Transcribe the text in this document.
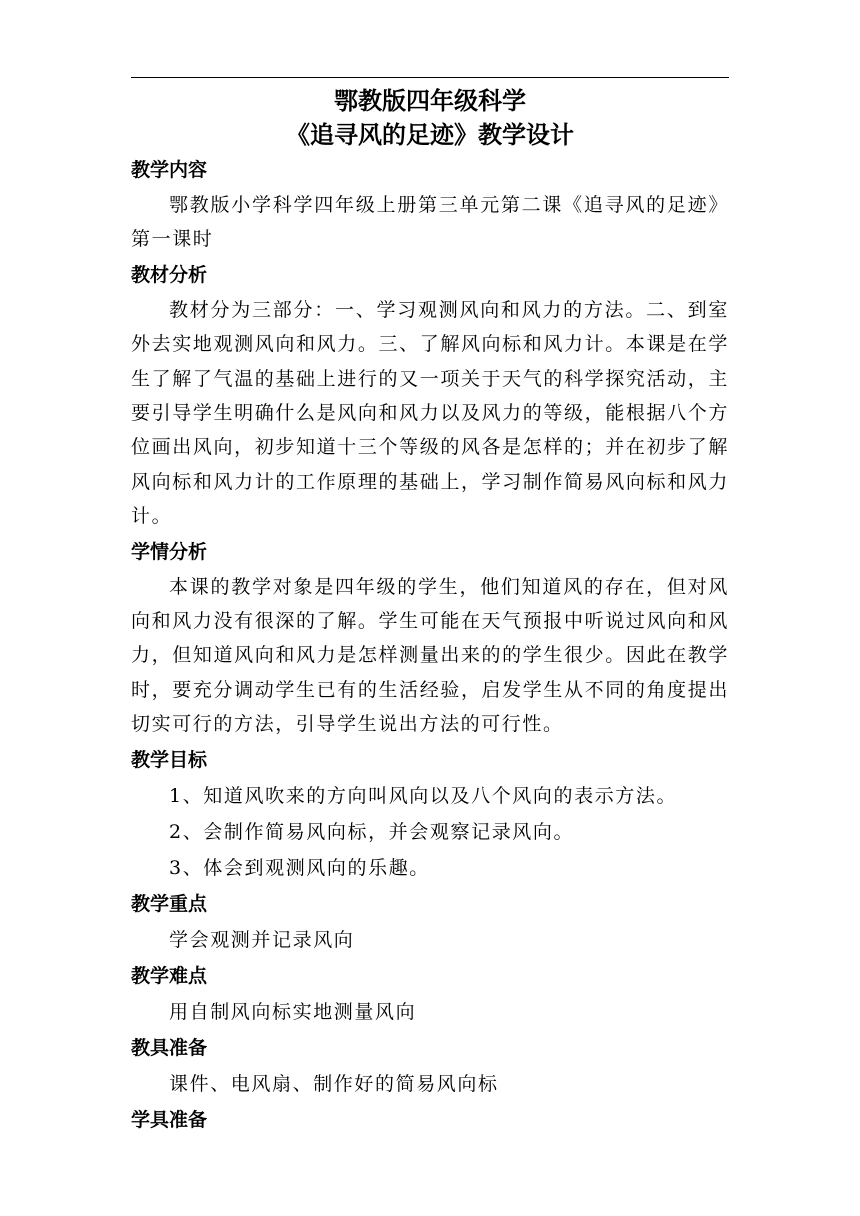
鄂教版四年级科学
《追寻风的足迹》教学设计
教学内容

鄂教版小学科学四年级上册第三单元第二课《追寻风的足迹》第一课时

教材分析

教材分为三部分：一、学习观测风向和风力的方法。二、到室外去实地观测风向和风力。三、了解风向标和风力计。本课是在学生了解了气温的基础上进行的又一项关于天气的科学探究活动，主要引导学生明确什么是风向和风力以及风力的等级，能根据八个方位画出风向，初步知道十三个等级的风各是怎样的；并在初步了解风向标和风力计的工作原理的基础上，学习制作简易风向标和风力计。

学情分析

本课的教学对象是四年级的学生，他们知道风的存在，但对风向和风力没有很深的了解。学生可能在天气预报中听说过风向和风力，但知道风向和风力是怎样测量出来的的学生很少。因此在教学时，要充分调动学生已有的生活经验，启发学生从不同的角度提出切实可行的方法，引导学生说出方法的可行性。

教学目标

1、知道风吹来的方向叫风向以及八个风向的表示方法。

2、会制作简易风向标，并会观察记录风向。

3、体会到观测风向的乐趣。

教学重点

学会观测并记录风向

教学难点

用自制风向标实地测量风向

教具准备

课件、电风扇、制作好的简易风向标

学具准备
